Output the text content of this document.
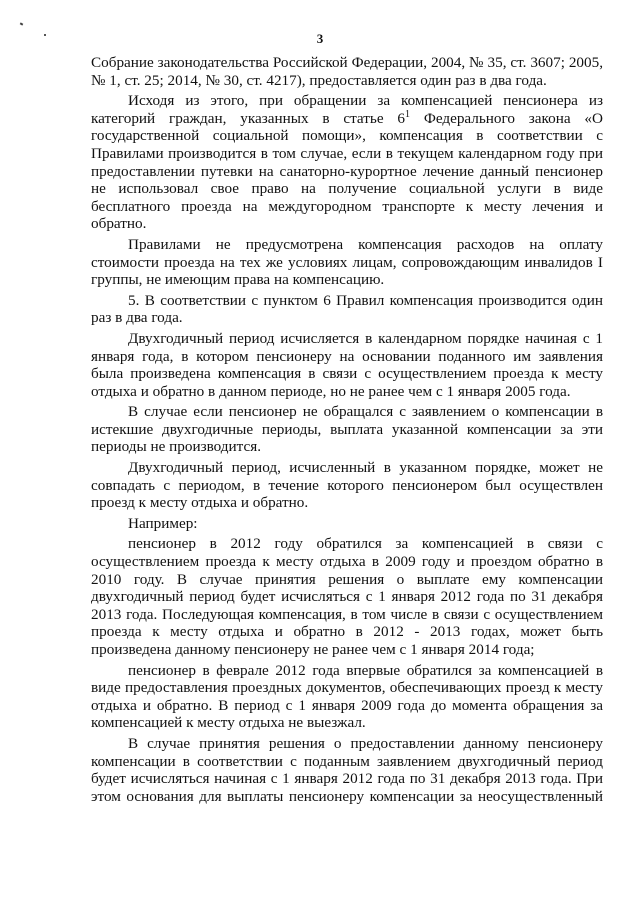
3

Собрание законодательства Российской Федерации, 2004, № 35, ст. 3607; 2005, № 1, ст. 25; 2014, № 30, ст. 4217), предоставляется один раз в два года.

Исходя из этого, при обращении за компенсацией пенсионера из категорий граждан, указанных в статье $6^1$ Федерального закона «О государственной социальной помощи», компенсация в соответствии с Правилами производится в том случае, если в текущем календарном году при предоставлении путевки на санаторно-курортное лечение данный пенсионер не использовал свое право на получение социальной услуги в виде бесплатного проезда на междугородном транспорте к месту лечения и обратно.

Правилами не предусмотрена компенсация расходов на оплату стоимости проезда на тех же условиях лицам, сопровождающим инвалидов I группы, не имеющим права на компенсацию.

5. В соответствии с пунктом 6 Правил компенсация производится один раз в два года.

Двухгодичный период исчисляется в календарном порядке начиная с 1 января года, в котором пенсионеру на основании поданного им заявления была произведена компенсация в связи с осуществлением проезда к месту отдыха и обратно в данном периоде, но не ранее чем с 1 января 2005 года.

В случае если пенсионер не обращался с заявлением о компенсации в истекшие двухгодичные периоды, выплата указанной компенсации за эти периоды не производится.

Двухгодичный период, исчисленный в указанном порядке, может не совпадать с периодом, в течение которого пенсионером был осуществлен проезд к месту отдыха и обратно.

Например:

пенсионер в 2012 году обратился за компенсацией в связи с осуществлением проезда к месту отдыха в 2009 году и проездом обратно в 2010 году. В случае принятия решения о выплате ему компенсации двухгодичный период будет исчисляться с 1 января 2012 года по 31 декабря 2013 года. Последующая компенсация, в том числе в связи с осуществлением проезда к месту отдыха и обратно в 2012 - 2013 годах, может быть произведена данному пенсионеру не ранее чем с 1 января 2014 года;

пенсионер в феврале 2012 года впервые обратился за компенсацией в виде предоставления проездных документов, обеспечивающих проезд к месту отдыха и обратно. В период с 1 января 2009 года до момента обращения за компенсацией к месту отдыха не выезжал.

В случае принятия решения о предоставлении данному пенсионеру компенсации в соответствии с поданным заявлением двухгодичный период будет исчисляться начиная с 1 января 2012 года по 31 декабря 2013 года. При этом основания для выплаты пенсионеру компенсации за неосуществленный
